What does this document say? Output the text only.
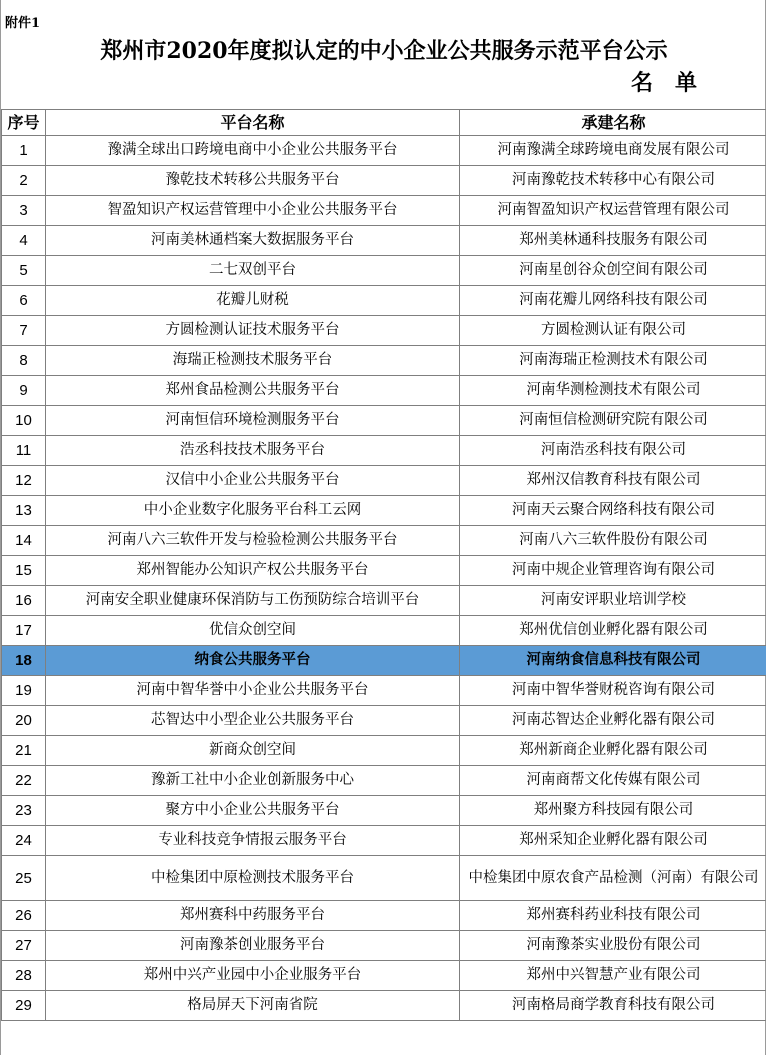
附件1
郑州市2020年度拟认定的中小企业公共服务示范平台公示
名单
序号	平台名称	承建名称
1	豫满全球出口跨境电商中小企业公共服务平台	河南豫满全球跨境电商发展有限公司
2	豫乾技术转移公共服务平台	河南豫乾技术转移中心有限公司
3	智盈知识产权运营管理中小企业公共服务平台	河南智盈知识产权运营管理有限公司
4	河南美林通档案大数据服务平台	郑州美林通科技服务有限公司
5	二七双创平台	河南星创谷众创空间有限公司
6	花瓣儿财税	河南花瓣儿网络科技有限公司
7	方圆检测认证技术服务平台	方圆检测认证有限公司
8	海瑞正检测技术服务平台	河南海瑞正检测技术有限公司
9	郑州食品检测公共服务平台	河南华测检测技术有限公司
10	河南恒信环境检测服务平台	河南恒信检测研究院有限公司
11	浩丞科技技术服务平台	河南浩丞科技有限公司
12	汉信中小企业公共服务平台	郑州汉信教育科技有限公司
13	中小企业数字化服务平台科工云网	河南天云聚合网络科技有限公司
14	河南八六三软件开发与检验检测公共服务平台	河南八六三软件股份有限公司
15	郑州智能办公知识产权公共服务平台	河南中规企业管理咨询有限公司
16	河南安全职业健康环保消防与工伤预防综合培训平台	河南安评职业培训学校
17	优信众创空间	郑州优信创业孵化器有限公司
18	纳食公共服务平台	河南纳食信息科技有限公司
19	河南中智华誉中小企业公共服务平台	河南中智华誉财税咨询有限公司
20	芯智达中小型企业公共服务平台	河南芯智达企业孵化器有限公司
21	新商众创空间	郑州新商企业孵化器有限公司
22	豫新工社中小企业创新服务中心	河南商帮文化传媒有限公司
23	聚方中小企业公共服务平台	郑州聚方科技园有限公司
24	专业科技竞争情报云服务平台	郑州采知企业孵化器有限公司
25	中检集团中原检测技术服务平台	中检集团中原农食产品检测（河南）有限公司
26	郑州赛科中药服务平台	郑州赛科药业科技有限公司
27	河南豫茶创业服务平台	河南豫茶实业股份有限公司
28	郑州中兴产业园中小企业服务平台	郑州中兴智慧产业有限公司
29	格局屏天下河南省院	河南格局商学教育科技有限公司
